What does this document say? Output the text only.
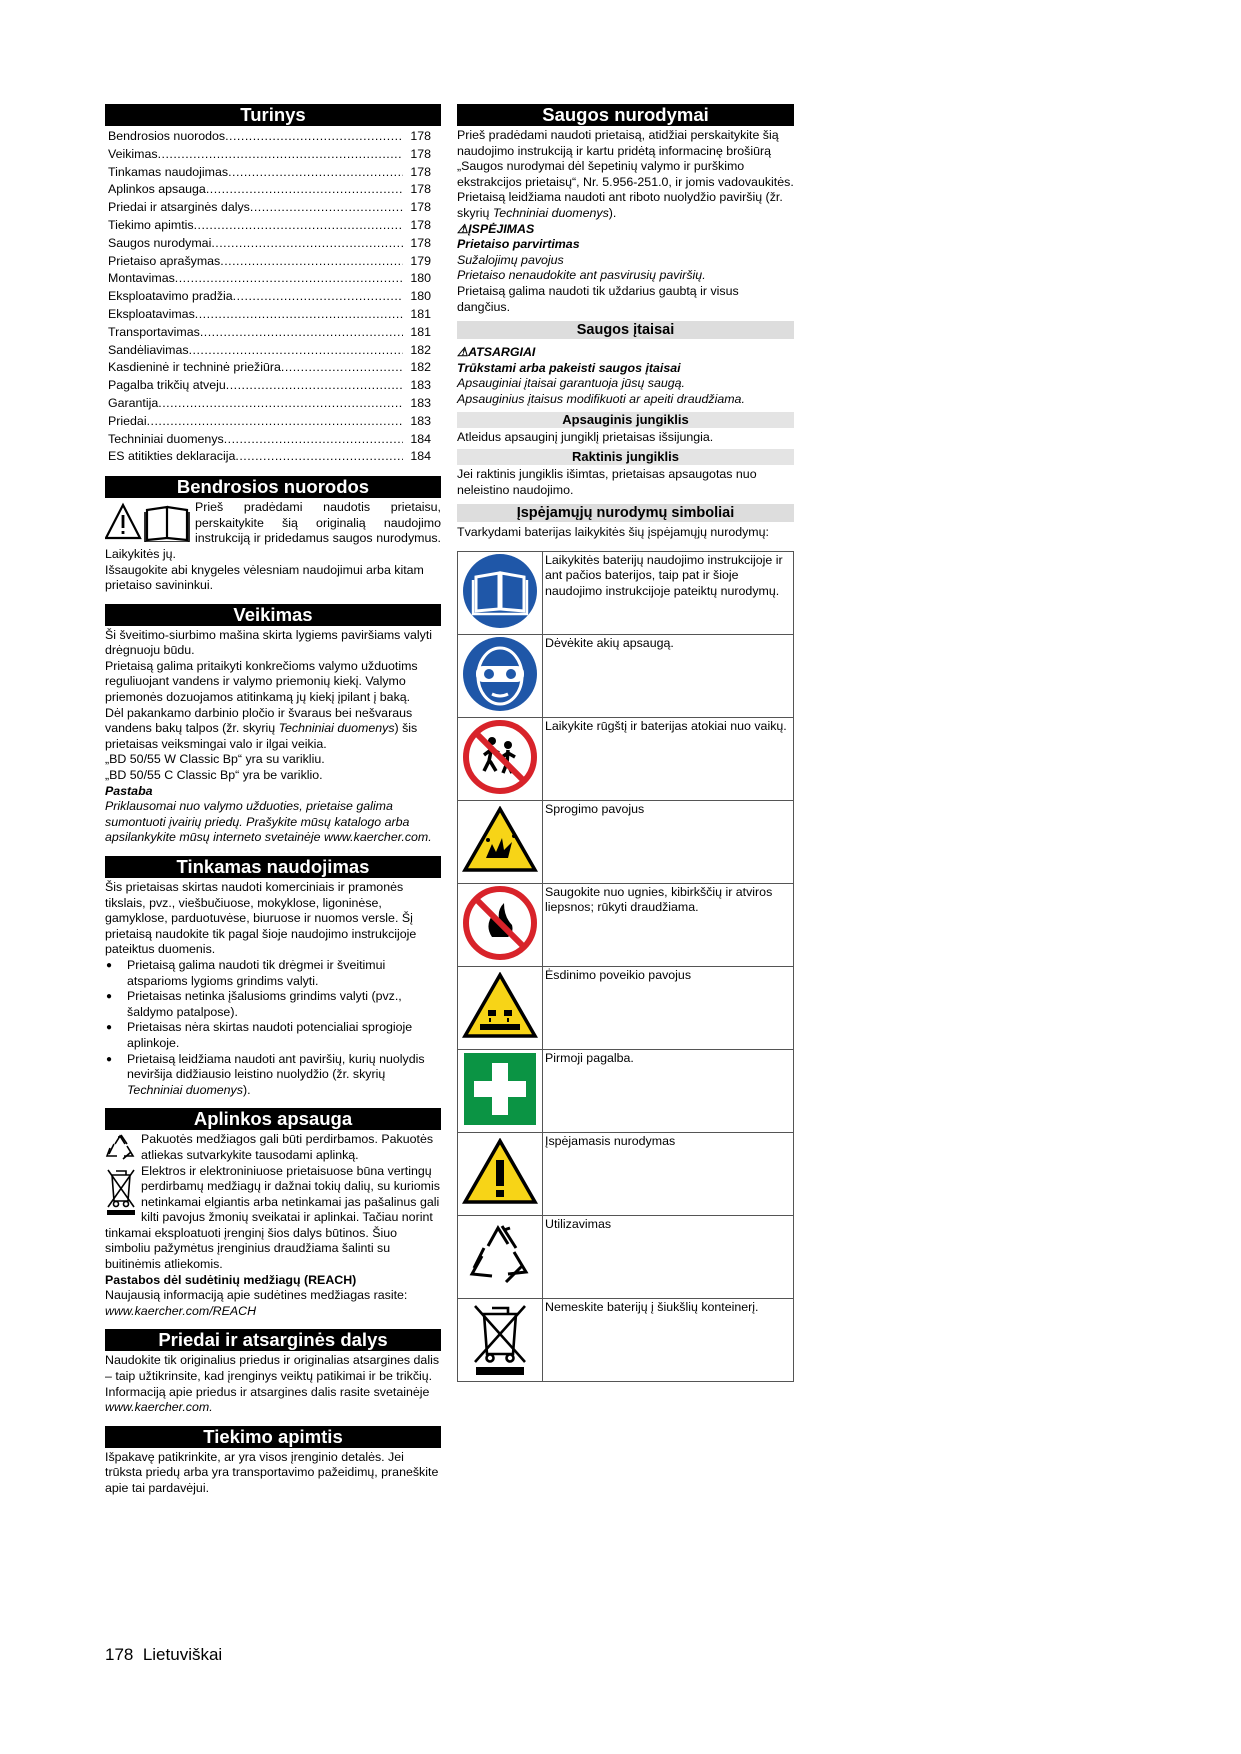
Turinys
Bendrosios nuorodos .....	178
Veikimas .....	178
Tinkamas naudojimas .....	178
Aplinkos apsauga .....	178
Priedai ir atsarginės dalys .....	178
Tiekimo apimtis .....	178
Saugos nurodymai .....	178
Prietaiso aprašymas .....	179
Montavimas .....	180
Eksploatavimo pradžia .....	180
Eksploatavimas .....	181
Transportavimas .....	181
Sandėliavimas .....	182
Kasdieninė ir techninė priežiūra .....	182
Pagalba trikčių atveju .....	183
Garantija .....	183
Priedai .....	183
Techniniai duomenys .....	184
ES atitikties deklaracija .....	184
Bendrosios nuorodos

Prieš pradėdami naudotis prietaisu, perskaitykite šią originalią naudojimo instrukciją ir pridedamus saugos nurodymus. Laikykitės jų.

Išsaugokite abi knygeles vėlesniam naudojimui arba kitam prietaiso savininkui.

Veikimas

Ši šveitimo-siurbimo mašina skirta lygiems paviršiams valyti drėgnuoju būdu.

Prietaisą galima pritaikyti konkrečioms valymo užduotims reguliuojant vandens ir valymo priemonių kiekį. Valymo priemonės dozuojamos atitinkamą jų kiekį įpilant į baką.

Dėl pakankamo darbinio pločio ir švaraus bei nešvaraus vandens bakų talpos (žr. skyrių Techniniai duomenys) šis prietaisas veiksmingai valo ir ilgai veikia.

„BD 50/55 W Classic Bp“ yra su varikliu.

„BD 50/55 C Classic Bp“ yra be variklio.

Pastaba

Priklausomai nuo valymo užduoties, prietaise galima sumontuoti įvairių priedų. Prašykite mūsų katalogo arba apsilankykite mūsų interneto svetainėje www.kaercher.com.

Tinkamas naudojimas

Šis prietaisas skirtas naudoti komerciniais ir pramonės tikslais, pvz., viešbučiuose, mokyklose, ligoninėse, gamyklose, parduotuvėse, biuruose ir nuomos versle. Šį prietaisą naudokite tik pagal šioje naudojimo instrukcijoje pateiktus duomenis.

● Prietaisą galima naudoti tik drėgmei ir šveitimui atsparioms lygioms grindims valyti.
● Prietaisas netinka įšalusioms grindims valyti (pvz., šaldymo patalpose).
● Prietaisas nėra skirtas naudoti potencialiai sprogioje aplinkoje.
● Prietaisą leidžiama naudoti ant paviršių, kurių nuolydis neviršija didžiausio leistino nuolydžio (žr. skyrių Techniniai duomenys).
Aplinkos apsauga

Pakuotės medžiagos gali būti perdirbamos. Pakuotės atliekas sutvarkykite tausodami aplinką.

Elektros ir elektroniniuose prietaisuose būna vertingų perdirbamų medžiagų ir dažnai tokių dalių, su kuriomis netinkamai elgiantis arba netinkamai jas pašalinus gali kilti pavojus žmonių sveikatai ir aplinkai. Tačiau norint tinkamai eksploatuoti įrenginį šios dalys būtinos. Šiuo simboliu pažymėtus įrenginius draudžiama šalinti su buitinėmis atliekomis.

Pastabos dėl sudėtinių medžiagų (REACH)

Naujausią informaciją apie sudėtines medžiagas rasite:

www.kaercher.com/REACH

Priedai ir atsarginės dalys

Naudokite tik originalius priedus ir originalias atsargines dalis – taip užtikrinsite, kad įrenginys veiktų patikimai ir be trikčių.

Informaciją apie priedus ir atsargines dalis rasite svetainėje www.kaercher.com.

Tiekimo apimtis

Išpakavę patikrinkite, ar yra visos įrenginio detalės. Jei trūksta priedų arba yra transportavimo pažeidimų, praneškite apie tai pardavėjui.

Saugos nurodymai

Prieš pradėdami naudoti prietaisą, atidžiai perskaitykite šią naudojimo instrukciją ir kartu pridėtą informacinę brošiūrą „Saugos nurodymai dėl šepetinių valymo ir purškimo ekstrakcijos prietaisų“, Nr. 5.956-251.0, ir jomis vadovaukitės.

Prietaisą leidžiama naudoti ant riboto nuolydžio paviršių (žr. skyrių Techniniai duomenys).

⚠ĮSPĖJIMAS

Prietaiso parvirtimas

Sužalojimų pavojus

Prietaiso nenaudokite ant pasvirusių paviršių.

Prietaisą galima naudoti tik uždarius gaubtą ir visus dangčius.

Saugos įtaisai

⚠ATSARGIAI

Trūkstami arba pakeisti saugos įtaisai

Apsauginiai įtaisai garantuoja jūsų saugą.

Apsauginius įtaisus modifikuoti ar apeiti draudžiama.

Apsauginis jungiklis

Atleidus apsauginį jungiklį prietaisas išsijungia.

Raktinis jungiklis

Jei raktinis jungiklis išimtas, prietaisas apsaugotas nuo neleistino naudojimo.

Įspėjamųjų nurodymų simboliai

Tvarkydami baterijas laikykitės šių įspėjamųjų nurodymų:

	Laikykitės baterijų naudojimo instrukcijoje ir ant pačios baterijos, taip pat ir šioje naudojimo instrukcijoje pateiktų nurodymų.
	Dėvėkite akių apsaugą.
	Laikykite rūgštį ir baterijas atokiai nuo vaikų.
	Sprogimo pavojus
	Saugokite nuo ugnies, kibirkščių ir atviros liepsnos; rūkyti draudžiama.
	Ėsdinimo poveikio pavojus
	Pirmoji pagalba.
	Įspėjamasis nurodymas
	Utilizavimas
	Nemeskite baterijų į šiukšlių konteinerį.
178 Lietuviškai
